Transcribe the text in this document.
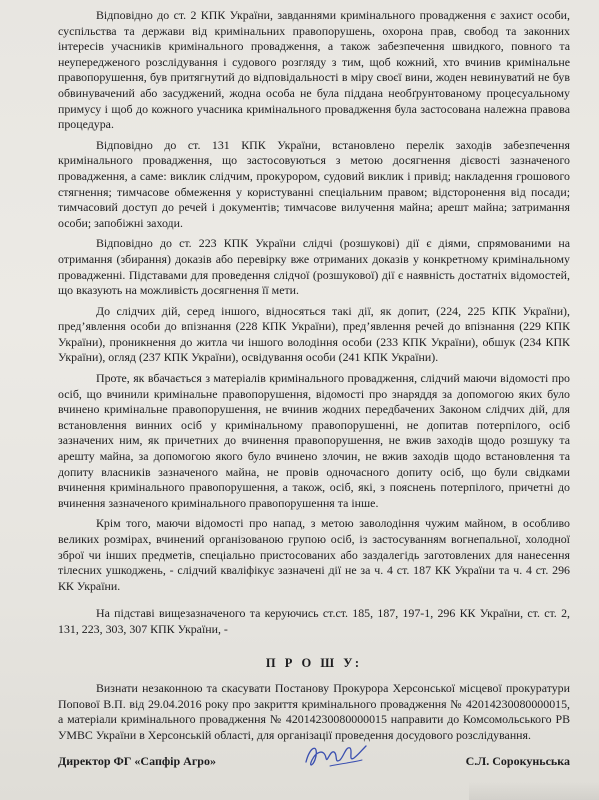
Відповідно до ст. 2 КПК України, завданнями кримінального провадження є захист особи, суспільства та держави від кримінальних правопорушень, охорона прав, свобод та законних інтересів учасників кримінального провадження, а також забезпечення швидкого, повного та неупередженого розслідування і судового розгляду з тим, щоб кожний, хто вчинив кримінальне правопорушення, був притягнутий до відповідальності в міру своєї вини, жоден невинуватий не був обвинувачений або засуджений, жодна особа не була піддана необґрунтованому процесуальному примусу і щоб до кожного учасника кримінального провадження була застосована належна правова процедура.

Відповідно до ст. 131 КПК України, встановлено перелік заходів забезпечення кримінального провадження, що застосовуються з метою досягнення дієвості зазначеного провадження, а саме: виклик слідчим, прокурором, судовий виклик і привід; накладення грошового стягнення; тимчасове обмеження у користуванні спеціальним правом; відсторонення від посади; тимчасовий доступ до речей і документів; тимчасове вилучення майна; арешт майна; затримання особи; запобіжні заходи.

Відповідно до ст. 223 КПК України слідчі (розшукові) дії є діями, спрямованими на отримання (збирання) доказів або перевірку вже отриманих доказів у конкретному кримінальному провадженні. Підставами для проведення слідчої (розшукової) дії є наявність достатніх відомостей, що вказують на можливість досягнення її мети.

До слідчих дій, серед іншого, відносяться такі дії, як допит, (224, 225 КПК України), пред’явлення особи до впізнання (228 КПК України), пред’явлення речей до впізнання (229 КПК України), проникнення до житла чи іншого володіння особи (233 КПК України), обшук (234 КПК України), огляд (237 КПК України), освідування особи (241 КПК України).

Проте, як вбачається з матеріалів кримінального провадження, слідчий маючи відомості про осіб, що вчинили кримінальне правопорушення, відомості про знаряддя за допомогою яких було вчинено кримінальне правопорушення, не вчинив жодних передбачених Законом слідчих дій, для встановлення винних осіб у кримінальному правопорушенні, не допитав потерпілого, осіб зазначених ним, як причетних до вчинення правопорушення, не вжив заходів щодо розшуку та арешту майна, за допомогою якого було вчинено злочин, не вжив заходів щодо встановлення та допиту власників зазначеного майна, не провів одночасного допиту осіб, що були свідками вчинення кримінального правопорушення, а також, осіб, які, з пояснень потерпілого, причетні до вчинення зазначеного кримінального правопорушення та інше.

Крім того, маючи відомості про напад, з метою заволодіння чужим майном, в особливо великих розмірах, вчинений організованою групою осіб, із застосуванням вогнепальної, холодної зброї чи інших предметів, спеціально пристосованих або заздалегідь заготовлених для нанесення тілесних ушкоджень, - слідчий кваліфікує зазначені дії не за ч. 4 ст. 187 КК України та ч. 4 ст. 296 КК України.

На підставі вищезазначеного та керуючись ст.ст. 185, 187, 197-1, 296 КК України, ст. ст. 2, 131, 223, 303, 307 КПК України, -

П Р О Ш У:

Визнати незаконною та скасувати Постанову Прокурора Херсонської місцевої прокуратури Попової В.П. від 29.04.2016 року про закриття кримінального провадження № 42014230080000015, а матеріали кримінального провадження № 42014230080000015 направити до Комсомольського РВ УМВС України в Херсонській області, для організації проведення досудового розслідування.

Директор ФГ «Сапфір Агро»	С.Л. Сорокуньська
